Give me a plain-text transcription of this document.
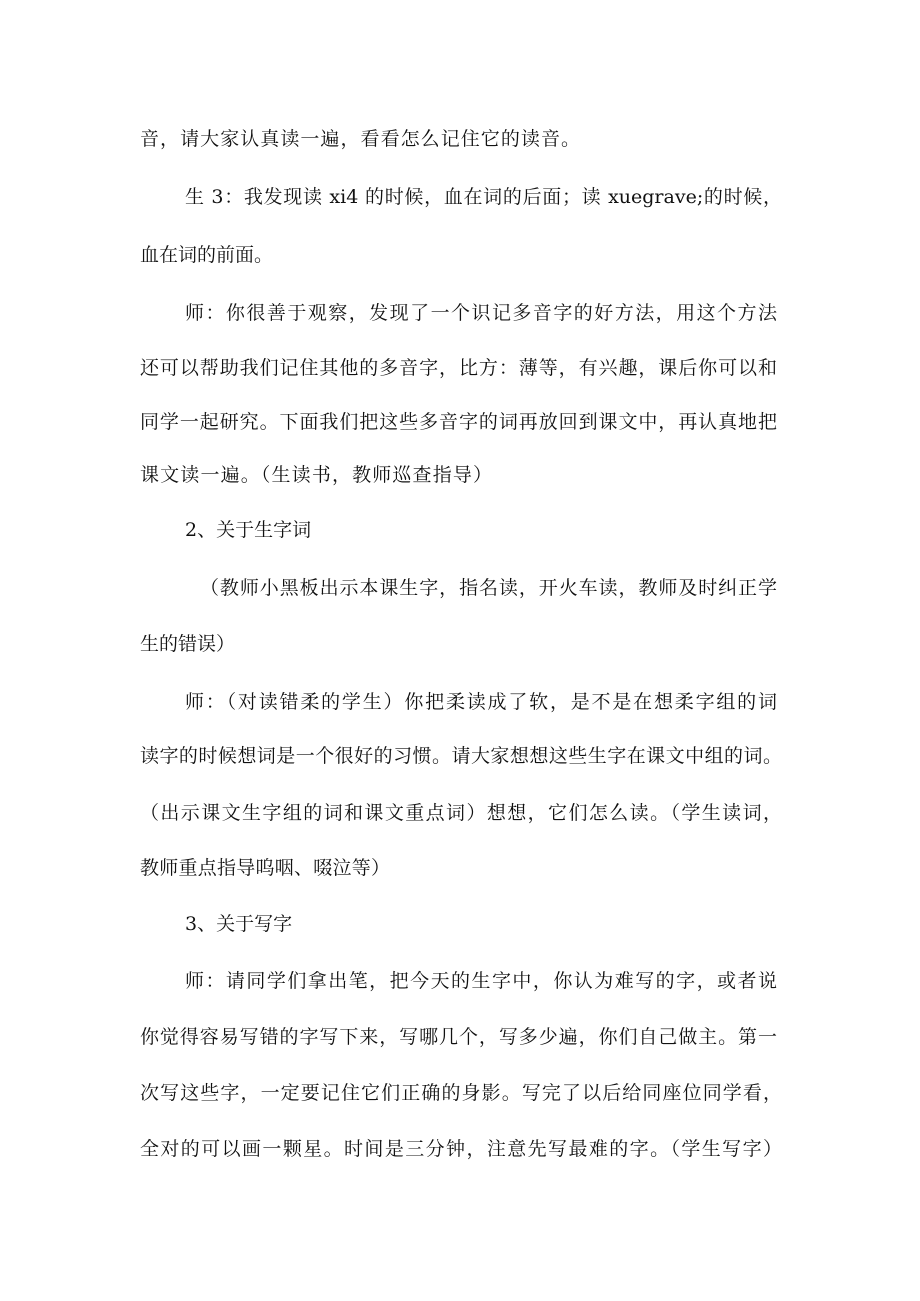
音，请大家认真读一遍，看看怎么记住它的读音。
生 3：我发现读 xi4 的时候，血在词的后面；读 xuegrave;的时候，
血在词的前面。
师：你很善于观察，发现了一个识记多音字的好方法，用这个方法
还可以帮助我们记住其他的多音字，比方：薄等，有兴趣，课后你可以和
同学一起研究。下面我们把这些多音字的词再放回到课文中，再认真地把
课文读一遍。（生读书，教师巡查指导）
2、关于生字词
（教师小黑板出示本课生字，指名读，开火车读，教师及时纠正学
生的错误）
师：（对读错柔的学生）你把柔读成了软，是不是在想柔字组的词
读字的时候想词是一个很好的习惯。请大家想想这些生字在课文中组的词。
（出示课文生字组的词和课文重点词）想想，它们怎么读。（学生读词，
教师重点指导呜咽、啜泣等）
3、关于写字
师：请同学们拿出笔，把今天的生字中，你认为难写的字，或者说
你觉得容易写错的字写下来，写哪几个，写多少遍，你们自己做主。第一
次写这些字，一定要记住它们正确的身影。写完了以后给同座位同学看，
全对的可以画一颗星。时间是三分钟，注意先写最难的字。（学生写字）
